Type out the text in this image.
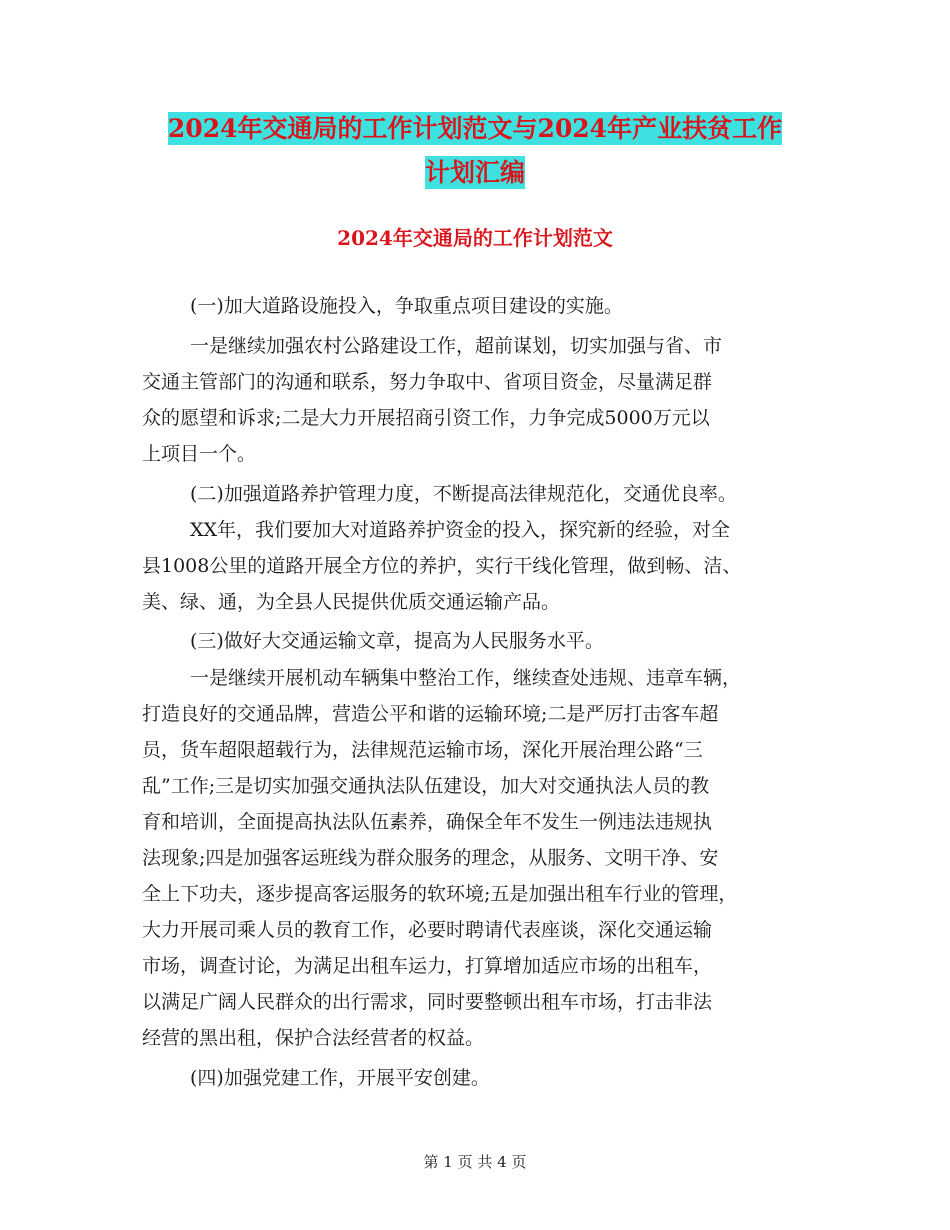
2024年交通局的工作计划范文与2024年产业扶贫工作
计划汇编
2024年交通局的工作计划范文
(一)加大道路设施投入，争取重点项目建设的实施。
一是继续加强农村公路建设工作，超前谋划，切实加强与省、市
交通主管部门的沟通和联系，努力争取中、省项目资金，尽量满足群
众的愿望和诉求;二是大力开展招商引资工作，力争完成5000万元以
上项目一个。
(二)加强道路养护管理力度，不断提高法律规范化，交通优良率。
XX年，我们要加大对道路养护资金的投入，探究新的经验，对全
县1008公里的道路开展全方位的养护，实行干线化管理，做到畅、洁、
美、绿、通，为全县人民提供优质交通运输产品。
(三)做好大交通运输文章，提高为人民服务水平。
一是继续开展机动车辆集中整治工作，继续查处违规、违章车辆，
打造良好的交通品牌，营造公平和谐的运输环境;二是严厉打击客车超
员，货车超限超载行为，法律规范运输市场，深化开展治理公路“三
乱”工作;三是切实加强交通执法队伍建设，加大对交通执法人员的教
育和培训，全面提高执法队伍素养，确保全年不发生一例违法违规执
法现象;四是加强客运班线为群众服务的理念，从服务、文明干净、安
全上下功夫，逐步提高客运服务的软环境;五是加强出租车行业的管理，
大力开展司乘人员的教育工作，必要时聘请代表座谈，深化交通运输
市场，调查讨论，为满足出租车运力，打算增加适应市场的出租车，
以满足广阔人民群众的出行需求，同时要整顿出租车市场，打击非法
经营的黑出租，保护合法经营者的权益。
(四)加强党建工作，开展平安创建。
第 1 页 共 4 页
